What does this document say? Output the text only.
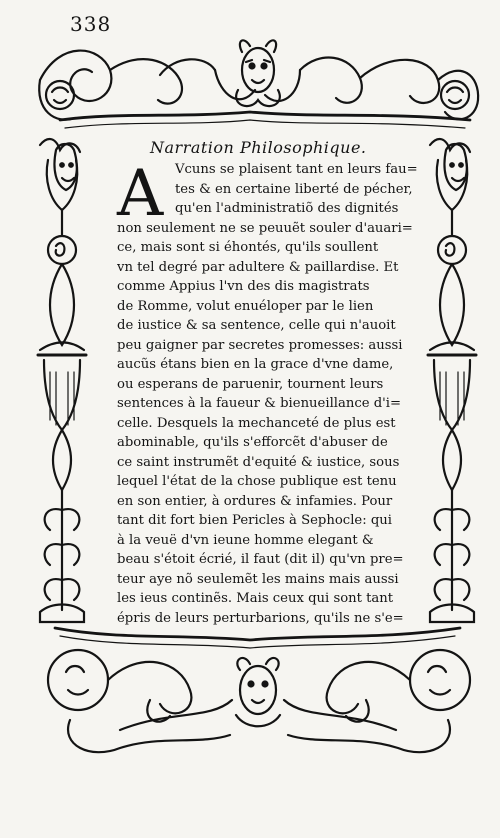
338
Narration Philosophique.
A Vcuns se plaisent tant en leurs fau=
tes & en certaine liberté de pécher,
qu'en l'administratiõ des dignités
non seulement ne se peuuẽt souler d'auari=
ce, mais sont si éhontés, qu'ils soullent
vn tel degré par adultere & paillardise. Et
comme Appius l'vn des dis magistrats
de Romme, volut enuéloper par le lien
de iustice & sa sentence, celle qui n'auoit
peu gaigner par secretes promesses: aussi
aucũs étans bien en la grace d'vne dame,
ou esperans de paruenir, tournent leurs
sentences à la faueur & bienueillance d'i=
celle. Desquels la mechanceté de plus est
abominable, qu'ils s'efforcẽt d'abuser de
ce saint instrumẽt d'equité & iustice, sous
lequel l'état de la chose publique est tenu
en son entier, à ordures & infamies. Pour
tant dit fort bien Pericles à Sephocle: qui
à la veuë d'vn ieune homme elegant &
beau s'étoit écrié, il faut (dit il) qu'vn pre=
teur aye nõ seulemẽt les mains mais aussi
les ieus continẽs. Mais ceux qui sont tant
épris de leurs perturbarions, qu'ils ne s'e=
